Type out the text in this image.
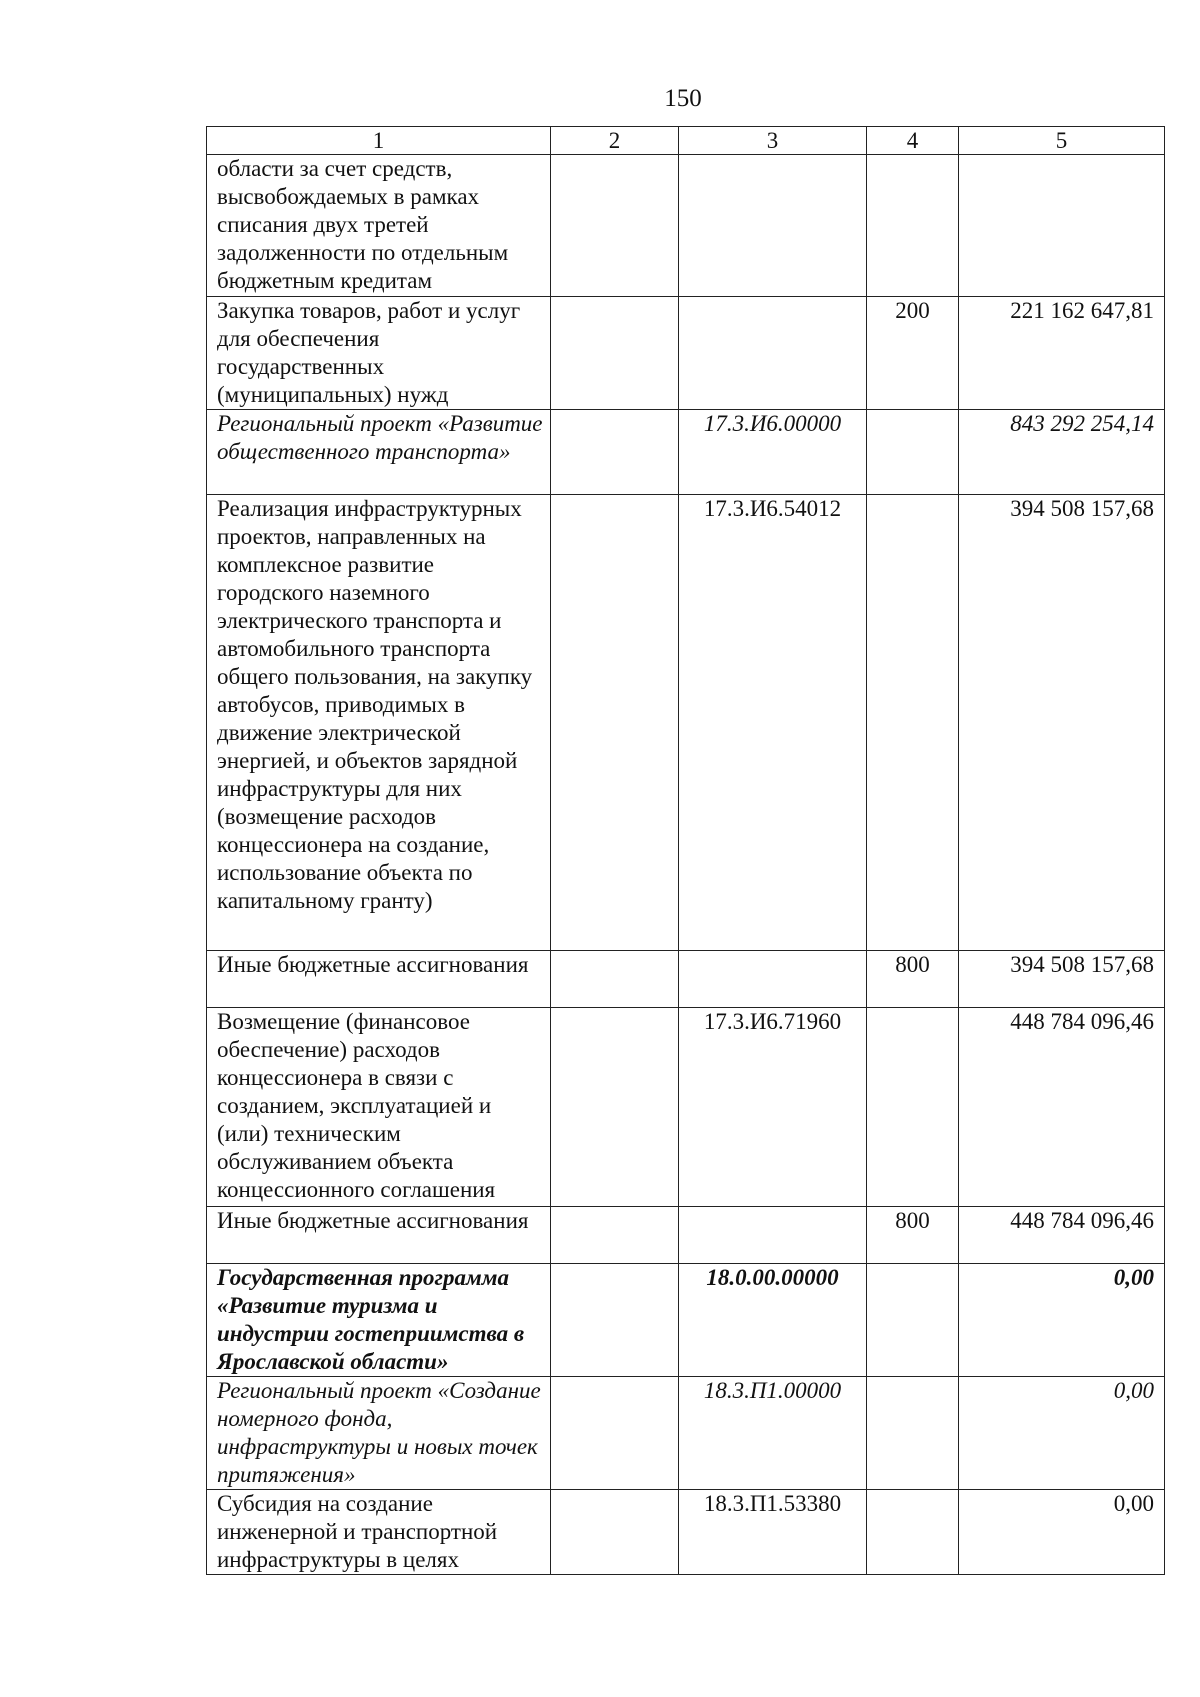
150
1	2	3	4	5
области за счет средств, высвобождаемых в рамках списания двух третей задолженности по отдельным бюджетным кредитам				
Закупка товаров, работ и услуг для обеспечения государственных (муниципальных) нужд			200	221 162 647,81
Региональный проект «Развитие общественного транспорта»		17.3.И6.00000		843 292 254,14
Реализация инфраструктурных проектов, направленных на комплексное развитие городского наземного электрического транспорта и автомобильного транспорта общего пользования, на закупку автобусов, приводимых в движение электрической энергией, и объектов зарядной инфраструктуры для них (возмещение расходов концессионера на создание, использование объекта по капитальному гранту)		17.3.И6.54012		394 508 157,68
Иные бюджетные ассигнования			800	394 508 157,68
Возмещение (финансовое обеспечение) расходов концессионера в связи с созданием, эксплуатацией и (или) техническим обслуживанием объекта концессионного соглашения		17.3.И6.71960		448 784 096,46
Иные бюджетные ассигнования			800	448 784 096,46
Государственная программа «Развитие туризма и индустрии гостеприимства в Ярославской области»		18.0.00.00000		0,00
Региональный проект «Создание номерного фонда, инфраструктуры и новых точек притяжения»		18.3.П1.00000		0,00
Субсидия на создание инженерной и транспортной инфраструктуры в целях		18.3.П1.53380		0,00
